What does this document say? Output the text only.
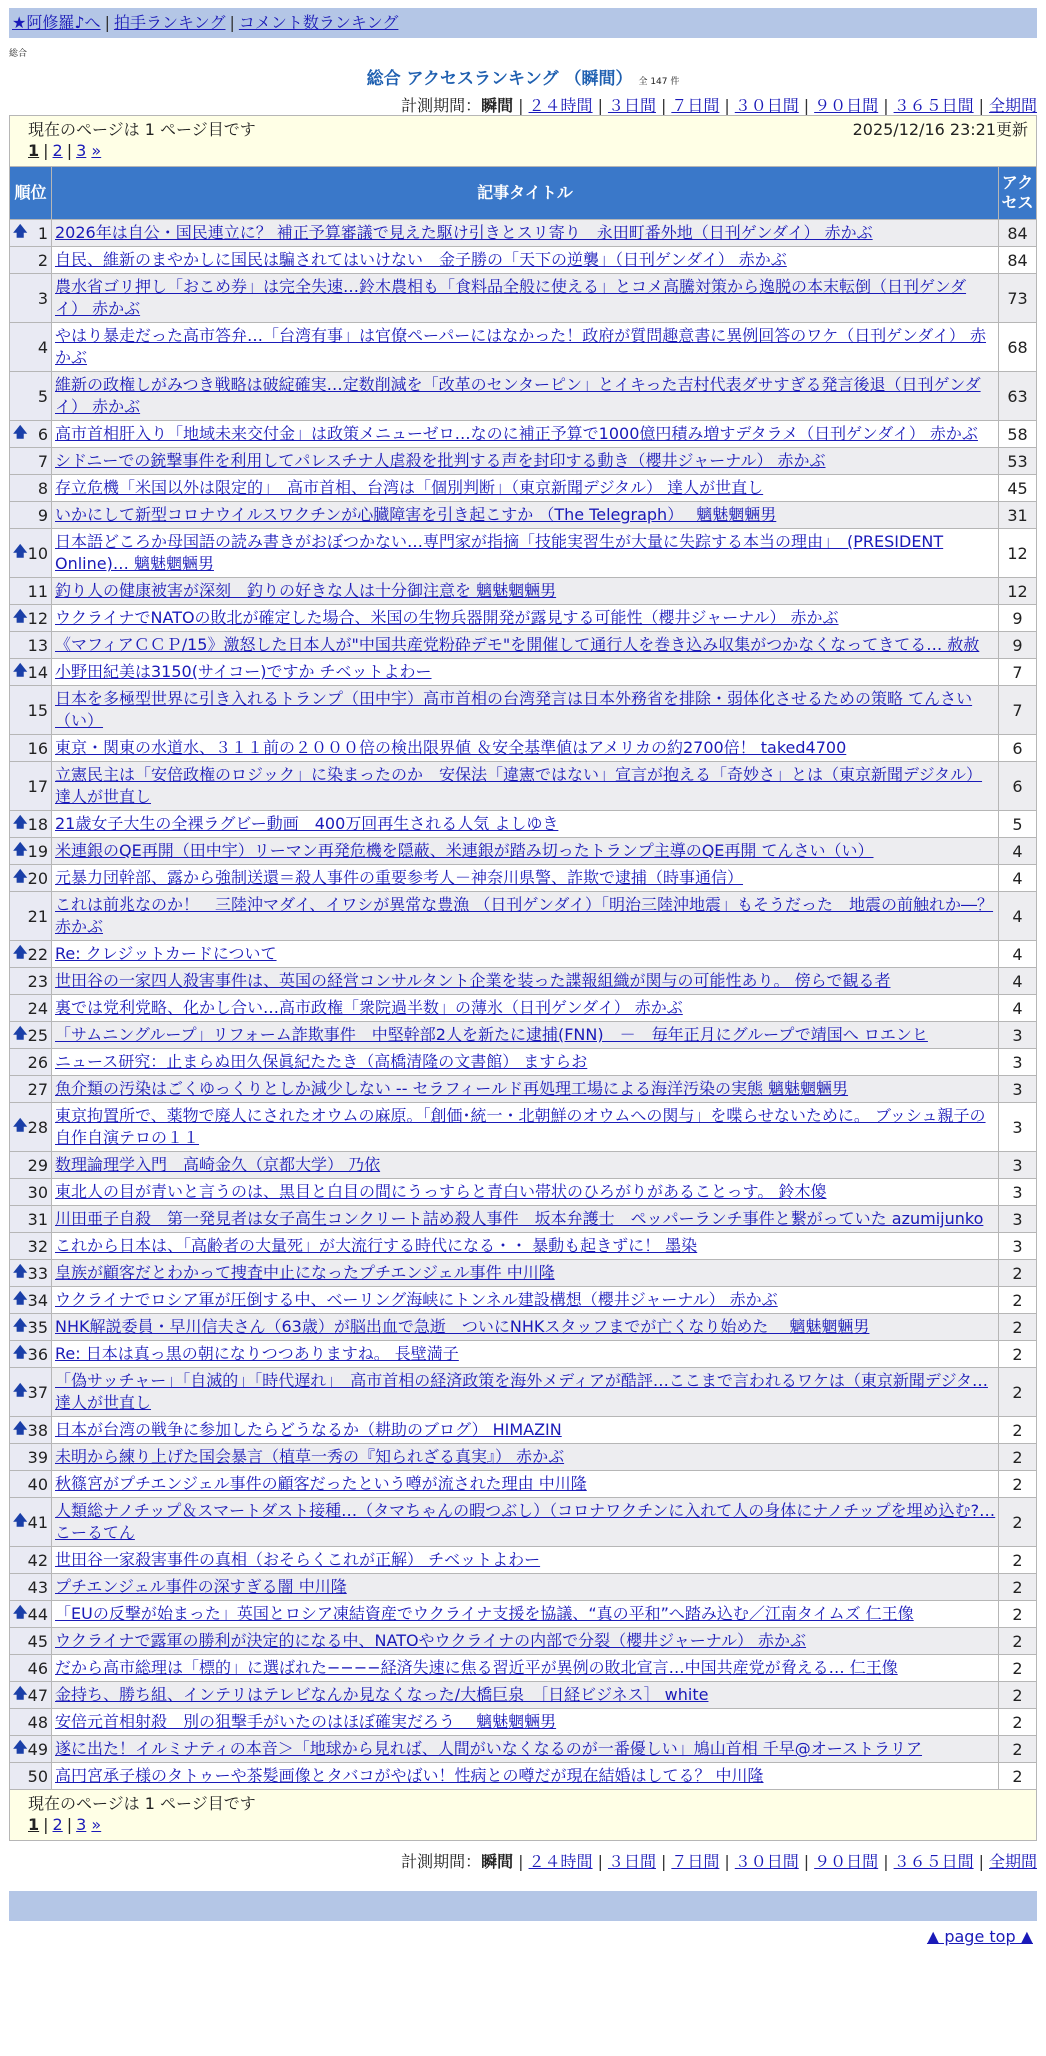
★阿修羅♪へ | 拍手ランキング | コメント数ランキング
総合
総合 アクセスランキング （瞬間） 全 147 件
計測期間：瞬間 | ２４時間 | ３日間 | ７日間 | ３０日間 | ９０日間 | ３６５日間 | 全期間
現在のページは 1 ページ目です 2025/12/16 23:21更新
1 | 2 | 3 »		

順位	記事タイトル	アクセス

🡅 1	2026年は自公・国民連立に？ 補正予算審議で見えた駆け引きとスリ寄り　永田町番外地（日刊ゲンダイ） 赤かぶ	84
2	自民、維新のまやかしに国民は騙されてはいけない　金子勝の「天下の逆襲」（日刊ゲンダイ） 赤かぶ	84
3	農水省ゴリ押し「おこめ券」は完全失速…鈴木農相も「食料品全般に使える」とコメ高騰対策から逸脱の本末転倒（日刊ゲンダイ） 赤かぶ	73
4	やはり暴走だった高市答弁…「台湾有事」は官僚ペーパーにはなかった！政府が質問趣意書に異例回答のワケ（日刊ゲンダイ） 赤かぶ	68
5	維新の政権しがみつき戦略は破綻確実…定数削減を「改革のセンターピン」とイキった吉村代表ダサすぎる発言後退（日刊ゲンダイ） 赤かぶ	63

🡅 6	高市首相肝入り「地域未来交付金」は政策メニューゼロ…なのに補正予算で1000億円積み増すデタラメ（日刊ゲンダイ） 赤かぶ	58
7	シドニーでの銃撃事件を利用してパレスチナ人虐殺を批判する声を封印する動き（櫻井ジャーナル） 赤かぶ	53
8	存立危機「米国以外は限定的」　高市首相、台湾は「個別判断」（東京新聞デジタル） 達人が世直し	45
9	いかにして新型コロナウイルスワクチンが心臓障害を引き起こすか （The Telegraph）　 魑魅魍魎男	31

🡅 10	日本語どころか母国語の読み書きがおぼつかない…専門家が指摘「技能実習生が大量に失踪する本当の理由」　(PRESIDENT Online)… 魑魅魍魎男	12
11	釣り人の健康被害が深刻　釣りの好きな人は十分御注意を 魑魅魍魎男	12

🡅 12	ウクライナでNATOの敗北が確定した場合、米国の生物兵器開発が露見する可能性（櫻井ジャーナル） 赤かぶ	9
13	《マフィアＣＣＰ/15》激怒した日本人が"中国共産党粉砕デモ"を開催して通行人を巻き込み収集がつかなくなってきてる… 赦赦	9

🡅 14	小野田紀美は3150(サイコー)ですか チベットよわー	7
15	日本を多極型世界に引き入れるトランプ（田中宇）高市首相の台湾発言は日本外務省を排除・弱体化させるための策略 てんさい（い）	7
16	東京・関東の水道水、３１１前の２０００倍の検出限界値 ＆安全基準値はアメリカの約2700倍！ taked4700	6
17	立憲民主は「安倍政権のロジック」に染まったのか　安保法「違憲ではない」宣言が抱える「奇妙さ」とは（東京新聞デジタル） 達人が世直し	6

🡅 18	21歳女子大生の全裸ラグビー動画　400万回再生される人気 よしゆき	5

🡅 19	米連銀のQE再開（田中宇）リーマン再発危機を隠蔽、米連銀が踏み切ったトランプ主導のQE再開 てんさい（い）	4

🡅 20	元暴力団幹部、露から強制送還＝殺人事件の重要参考人－神奈川県警、詐欺で逮捕（時事通信）	4
21	これは前兆なのか！　三陸沖マダイ、イワシが異常な豊漁 （日刊ゲンダイ）「明治三陸沖地震」もそうだった　地震の前触れか―？ 赤かぶ	4

🡅 22	Re: クレジットカードについて	4
23	世田谷の一家四人殺害事件は、英国の経営コンサルタント企業を装った諜報組織が関与の可能性あり。 傍らで観る者	4
24	裏では党利党略、化かし合い…高市政権「衆院過半数」の薄氷（日刊ゲンダイ） 赤かぶ	4

🡅 25	「サムニングループ」リフォーム詐欺事件　中堅幹部2人を新たに逮捕(FNN)　－　毎年正月にグループで靖国へ ロエンヒ	3
26	ニュース研究：止まらぬ田久保眞紀たたき（高橋清隆の文書館） ますらお	3
27	魚介類の汚染はごくゆっくりとしか減少しない -- セラフィールド再処理工場による海洋汚染の実態 魑魅魍魎男	3

🡅 28	東京拘置所で、薬物で廃人にされたオウムの麻原。「創価･統一・北朝鮮のオウムへの関与」を喋らせないために。 ブッシュ親子の自作自演テロの１１	3
29	数理論理学入門　高崎金久（京都大学） 乃依	3
30	東北人の目が青いと言うのは、黒目と白目の間にうっすらと青白い帯状のひろがりがあることっす。 鈴木傻	3
31	川田亜子自殺　第一発見者は女子高生コンクリート詰め殺人事件　坂本弁護士　ペッパーランチ事件と繋がっていた azumijunko	3
32	これから日本は、「高齢者の大量死」が大流行する時代になる・・ 暴動も起きずに！ 墨染	3

🡅 33	皇族が顧客だとわかって捜査中止になったプチエンジェル事件 中川隆	2

🡅 34	ウクライナでロシア軍が圧倒する中、ベーリング海峡にトンネル建設構想（櫻井ジャーナル） 赤かぶ	2

🡅 35	NHK解説委員・早川信夫さん（63歳）が脳出血で急逝　ついにNHKスタッフまでが亡くなり始めた　 魑魅魍魎男	2

🡅 36	Re: 日本は真っ黒の朝になりつつありますね。 長壁満子	2

🡅 37	「偽サッチャー」「自滅的」「時代遅れ」　高市首相の経済政策を海外メディアが酷評…ここまで言われるワケは（東京新聞デジタ… 達人が世直し	2

🡅 38	日本が台湾の戦争に参加したらどうなるか（耕助のブログ） HIMAZIN	2
39	未明から練り上げた国会暴言（植草一秀の『知られざる真実』） 赤かぶ	2
40	秋篠宮がプチエンジェル事件の顧客だったという噂が流された理由 中川隆	2

🡅 41	人類総ナノチップ＆スマートダスト接種…（タマちゃんの暇つぶし）（コロナワクチンに入れて人の身体にナノチップを埋め込む?… こーるてん	2
42	世田谷一家殺害事件の真相（おそらくこれが正解） チベットよわー	2
43	プチエンジェル事件の深すぎる闇 中川隆	2

🡅 44	「EUの反撃が始まった」英国とロシア凍結資産でウクライナ支援を協議、“真の平和”へ踏み込む／江南タイムズ 仁王像	2
45	ウクライナで露軍の勝利が決定的になる中、NATOやウクライナの内部で分裂（櫻井ジャーナル） 赤かぶ	2
46	だから高市総理は「標的」に選ばれた−−−−経済失速に焦る習近平が異例の敗北宣言…中国共産党が脅える… 仁王像	2

🡅 47	金持ち、勝ち組、インテリはテレビなんか見なくなった/大橋巨泉　［日経ビジネス］ white	2
48	安倍元首相射殺　別の狙撃手がいたのはほぼ確実だろう　 魑魅魍魎男	2

🡅 49	遂に出た！イルミナティの本音＞「地球から見れば、人間がいなくなるのが一番優しい」鳩山首相 千早@オーストラリア	2
50	高円宮承子様のタトゥーや茶髪画像とタバコがやばい！性病との噂だが現在結婚はしてる？ 中川隆	2

現在のページは 1 ページ目です
1 | 2 | 3 »		
計測期間：瞬間 | ２４時間 | ３日間 | ７日間 | ３０日間 | ９０日間 | ３６５日間 | 全期間
▲ page top ▲
